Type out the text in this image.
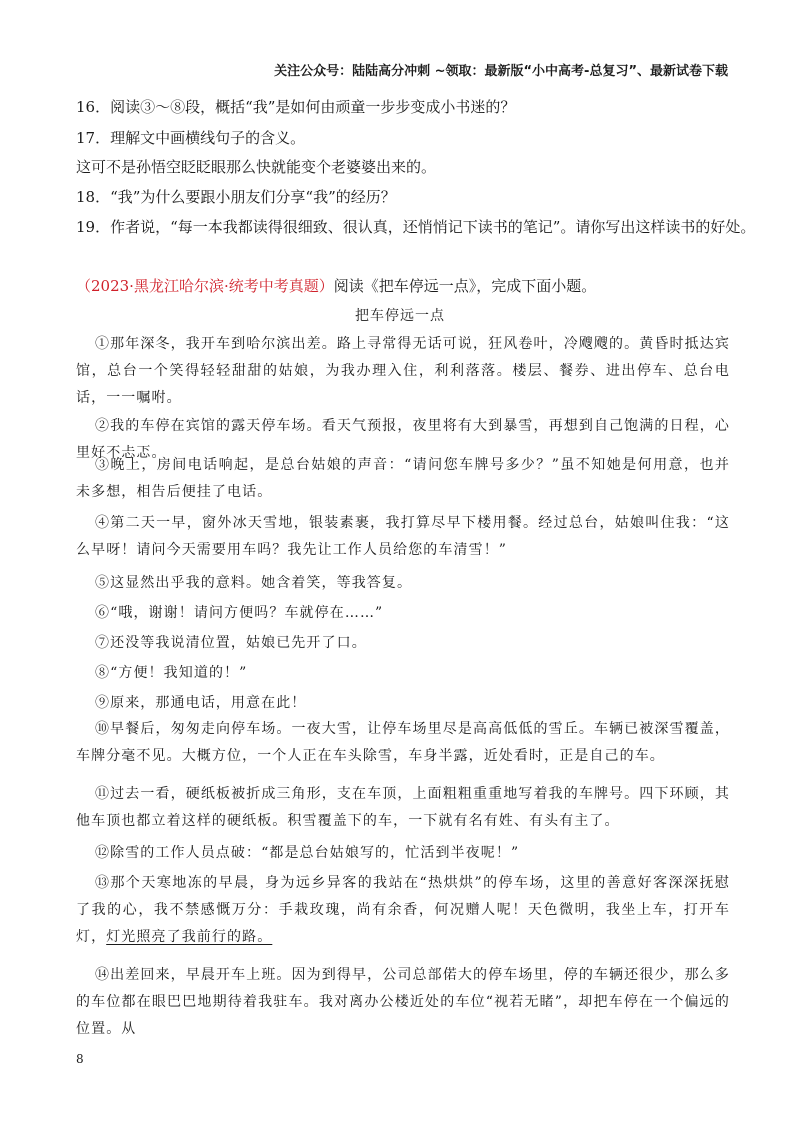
关注公众号：陆陆高分冲刺 ~领取：最新版“小中高考-总复习”、最新试卷下载
16．阅读③～⑧段，概括“我”是如何由顽童一步步变成小书迷的？
17．理解文中画横线句子的含义。
这可不是孙悟空眨眨眼那么快就能变个老婆婆出来的。
18．“我”为什么要跟小朋友们分享“我”的经历？
19．作者说，“每一本我都读得很细致、很认真，还悄悄记下读书的笔记”。请你写出这样读书的好处。
（2023·黑龙江哈尔滨·统考中考真题）阅读《把车停远一点》，完成下面小题。
把车停远一点
①那年深冬，我开车到哈尔滨出差。路上寻常得无话可说，狂风卷叶，冷飕飕的。黄昏时抵达宾馆，总台一个笑得轻轻甜甜的姑娘，为我办理入住，利利落落。楼层、餐券、进出停车、总台电话，一一嘱咐。
②我的车停在宾馆的露天停车场。看天气预报，夜里将有大到暴雪，再想到自己饱满的日程，心里好不忐忑。
③晚上，房间电话响起，是总台姑娘的声音：“请问您车牌号多少？”虽不知她是何用意，也并未多想，相告后便挂了电话。
④第二天一早，窗外冰天雪地，银装素裹，我打算尽早下楼用餐。经过总台，姑娘叫住我：“这么早呀！请问今天需要用车吗？我先让工作人员给您的车清雪！”
⑤这显然出乎我的意料。她含着笑，等我答复。
⑥“哦，谢谢！请问方便吗？车就停在……”
⑦还没等我说清位置，姑娘已先开了口。
⑧“方便！我知道的！”
⑨原来，那通电话，用意在此！
⑩早餐后，匆匆走向停车场。一夜大雪，让停车场里尽是高高低低的雪丘。车辆已被深雪覆盖，车牌分毫不见。大概方位，一个人正在车头除雪，车身半露，近处看时，正是自己的车。
⑪过去一看，硬纸板被折成三角形，支在车顶，上面粗粗重重地写着我的车牌号。四下环顾，其他车顶也都立着这样的硬纸板。积雪覆盖下的车，一下就有名有姓、有头有主了。
⑫除雪的工作人员点破：“都是总台姑娘写的，忙活到半夜呢！”
⑬那个天寒地冻的早晨，身为远乡异客的我站在“热烘烘”的停车场，这里的善意好客深深抚慰了我的心，我不禁感慨万分：手栽玫瑰，尚有余香，何况赠人呢！天色微明，我坐上车，打开车灯，灯光照亮了我前行的路。
⑭出差回来，早晨开车上班。因为到得早，公司总部偌大的停车场里，停的车辆还很少，那么多的车位都在眼巴巴地期待着我驻车。我对离办公楼近处的车位“视若无睹”，却把车停在一个偏远的位置。从
8
